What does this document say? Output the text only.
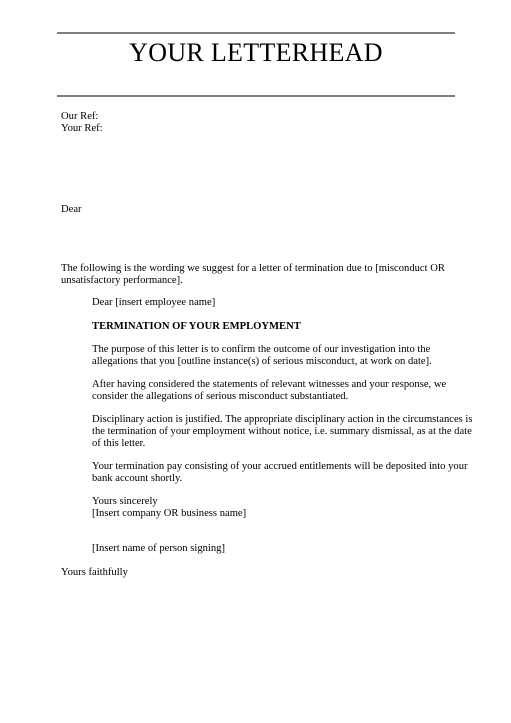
YOUR LETTERHEAD
Our Ref:
Your Ref:
Dear
The following is the wording we suggest for a letter of termination due to [misconduct OR
unsatisfactory performance].
Dear [insert employee name]
TERMINATION OF YOUR EMPLOYMENT
The purpose of this letter is to confirm the outcome of our investigation into the
allegations that you [outline instance(s) of serious misconduct, at work on date].
After having considered the statements of relevant witnesses and your response, we
consider the allegations of serious misconduct substantiated.
Disciplinary action is justified. The appropriate disciplinary action in the circumstances is
the termination of your employment without notice, i.e. summary dismissal, as at the date
of this letter.
Your termination pay consisting of your accrued entitlements will be deposited into your
bank account shortly.
Yours sincerely
[Insert company OR business name]
[Insert name of person signing]
Yours faithfully
